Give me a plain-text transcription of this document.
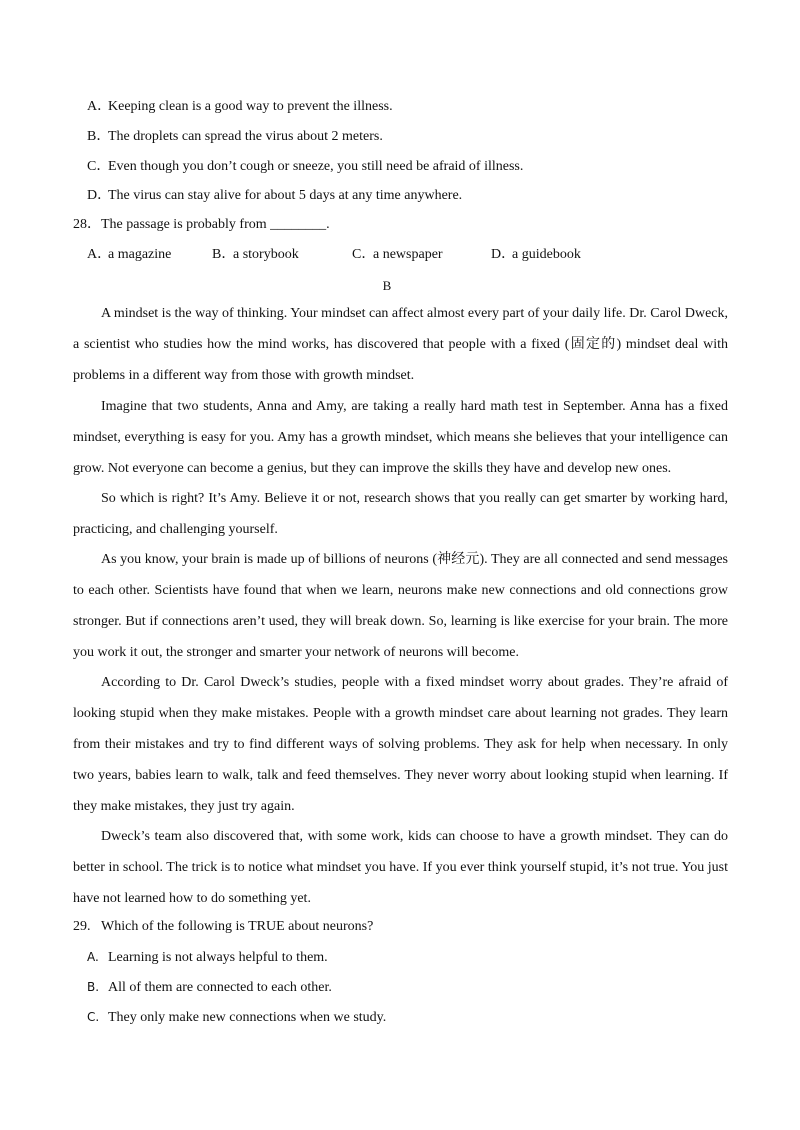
A．Keeping clean is a good way to prevent the illness.
B．The droplets can spread the virus about 2 meters.
C．Even though you don’t cough or sneeze, you still need be afraid of illness.
D．The virus can stay alive for about 5 days at any time anywhere.
28．The passage is probably from ________.
A．a magazine	B．a storybook	C．a newspaper	D．a guidebook
B

A mindset is the way of thinking. Your mindset can affect almost every part of your daily life. Dr. Carol Dweck, a scientist who studies how the mind works, has discovered that people with a fixed (固定的) mindset deal with problems in a different way from those with growth mindset.

Imagine that two students, Anna and Amy, are taking a really hard math test in September. Anna has a fixed mindset, everything is easy for you. Amy has a growth mindset, which means she believes that your intelligence can grow. Not everyone can become a genius, but they can improve the skills they have and develop new ones.

So which is right? It’s Amy. Believe it or not, research shows that you really can get smarter by working hard, practicing, and challenging yourself.

As you know, your brain is made up of billions of neurons (神经元). They are all connected and send messages to each other. Scientists have found that when we learn, neurons make new connections and old connections grow stronger. But if connections aren’t used, they will break down. So, learning is like exercise for your brain. The more you work it out, the stronger and smarter your network of neurons will become.

According to Dr. Carol Dweck’s studies, people with a fixed mindset worry about grades. They’re afraid of looking stupid when they make mistakes. People with a growth mindset care about learning not grades. They learn from their mistakes and try to find different ways of solving problems. They ask for help when necessary. In only two years, babies learn to walk, talk and feed themselves. They never worry about looking stupid when learning. If they make mistakes, they just try again.

Dweck’s team also discovered that, with some work, kids can choose to have a growth mindset. They can do better in school. The trick is to notice what mindset you have. If you ever think yourself stupid, it’s not true. You just have not learned how to do something yet.

29. Which of the following is TRUE about neurons?
A. Learning is not always helpful to them.
B. All of them are connected to each other.
C. They only make new connections when we study.
